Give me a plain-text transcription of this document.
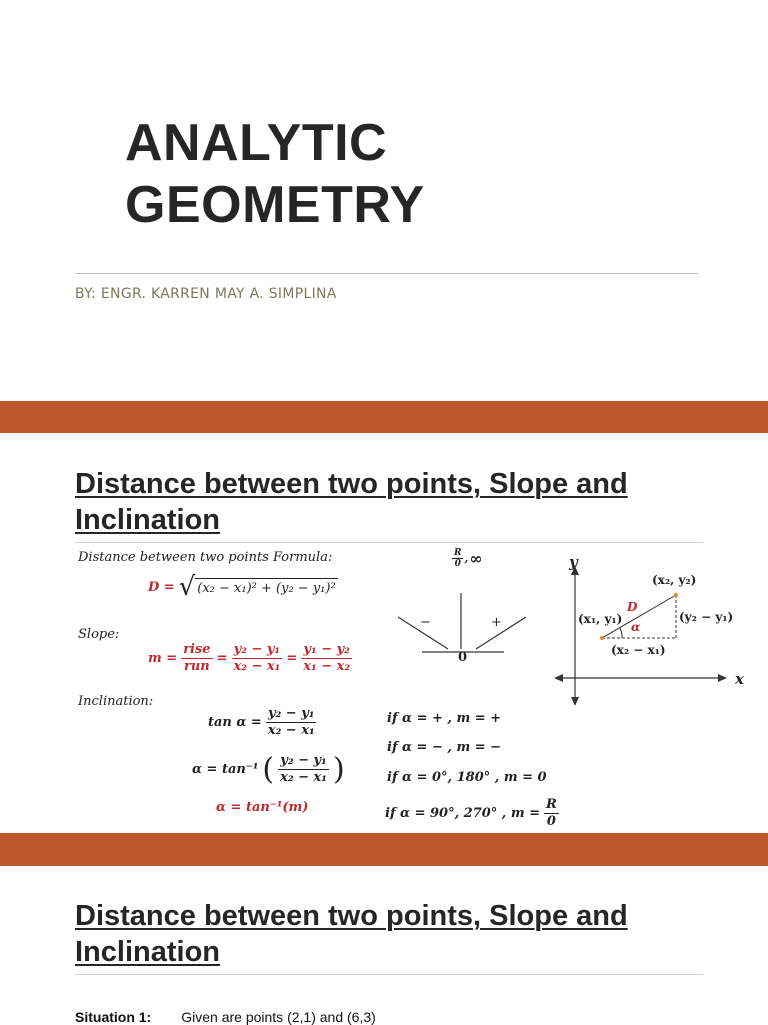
ANALYTIC
GEOMETRY
BY: ENGR. KARREN MAY A. SIMPLINA
Distance between two points, Slope and
Inclination
Distance between two points Formula:
D = √ (x₂ − x₁)² + (y₂ − y₁)²
Slope:
$m = \frac{\text{rise}}{\text{run}} = \frac{\text{y₂ − y₁}}{\text{x₂ − x₁}} = \frac{\text{y₁ − y₂}}{\text{x₁ − x₂}}$
Inclination:
$\tan \alpha = \frac{\text{y₂ − y₁}}{\text{x₂ − x₁}}$
α = tan⁻¹ ( $\frac{\text{y₂ − y₁}}{\text{x₂ − x₁}}$ )
α = tan⁻¹(m)
if α = + , m = +
if α = − , m = −
if α = 0°, 180° , m = 0
if α = 90°, 270° , $m = \frac{R}{0}$
$\frac{R}{0}$ , ∞
−	+
0
y
x
(x₂, y₂)
(x₁, y₁)
D
α
(y₂ − y₁)
(x₂ − x₁)
Distance between two points, Slope and
Inclination
Situation 1: Given are points (2,1) and (6,3)
